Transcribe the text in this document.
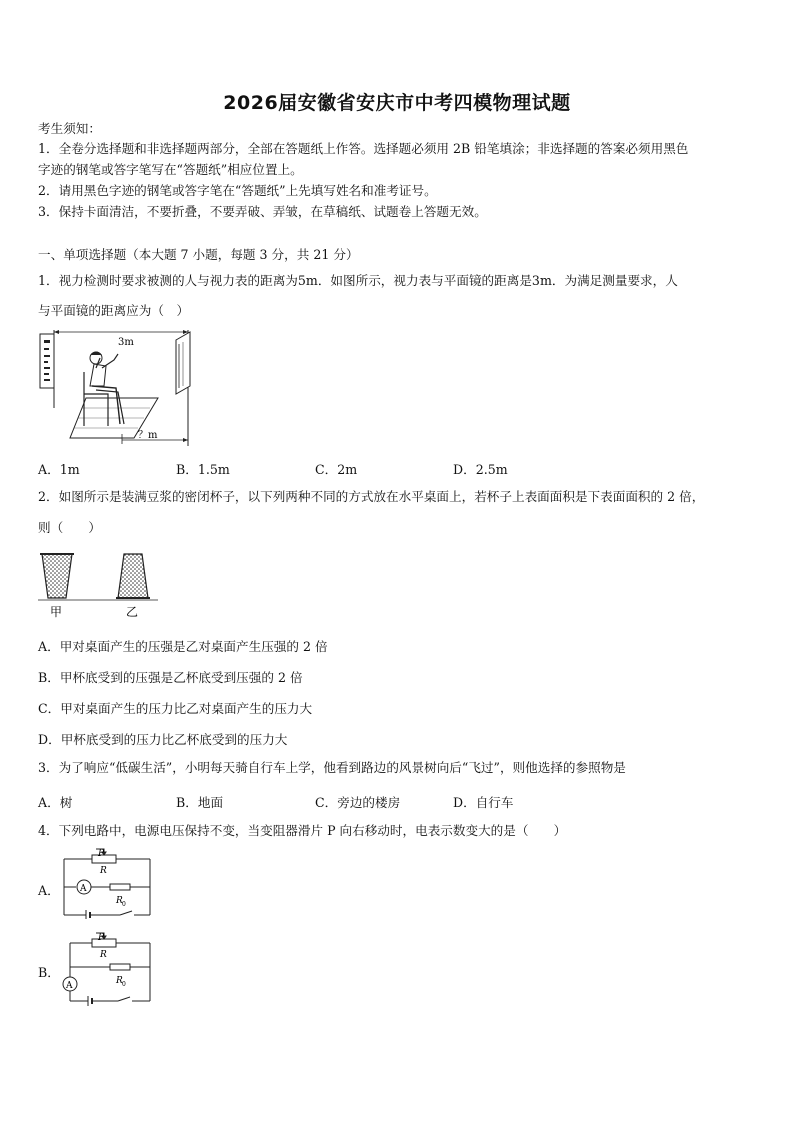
2026届安徽省安庆市中考四模物理试题
考生须知：
1．全卷分选择题和非选择题两部分，全部在答题纸上作答。选择题必须用 2B 铅笔填涂；非选择题的答案必须用黑色
字迹的钢笔或答字笔写在“答题纸”相应位置上。
2．请用黑色字迹的钢笔或答字笔在“答题纸”上先填写姓名和准考证号。
3．保持卡面清洁，不要折叠，不要弄破、弄皱，在草稿纸、试题卷上答题无效。
一、单项选择题（本大题 7 小题，每题 3 分，共 21 分）
1．视力检测时要求被测的人与视力表的距离为5m．如图所示，视力表与平面镜的距离是3m．为满足测量要求，人
与平面镜的距离应为（　）
3m
？m
A．1m	B．1.5m	C．2m	D．2.5m
2．如图所示是装满豆浆的密闭杯子，以下列两种不同的方式放在水平桌面上，若杯子上表面面积是下表面面积的 2 倍，
则（　　）
甲	乙
A．甲对桌面产生的压强是乙对桌面产生压强的 2 倍
B．甲杯底受到的压强是乙杯底受到压强的 2 倍
C．甲对桌面产生的压力比乙对桌面产生的压力大
D．甲杯底受到的压力比乙杯底受到的压力大
3．为了响应“低碳生活”，小明每天骑自行车上学，他看到路边的风景树向后“飞过”，则他选择的参照物是
A．树	B．地面	C．旁边的楼房	D．自行车
4．下列电路中，电源电压保持不变，当变阻器滑片 P 向右移动时，电表示数变大的是（　　）
A．
P
R
A
R 0
B．
P
R
A	R 0
